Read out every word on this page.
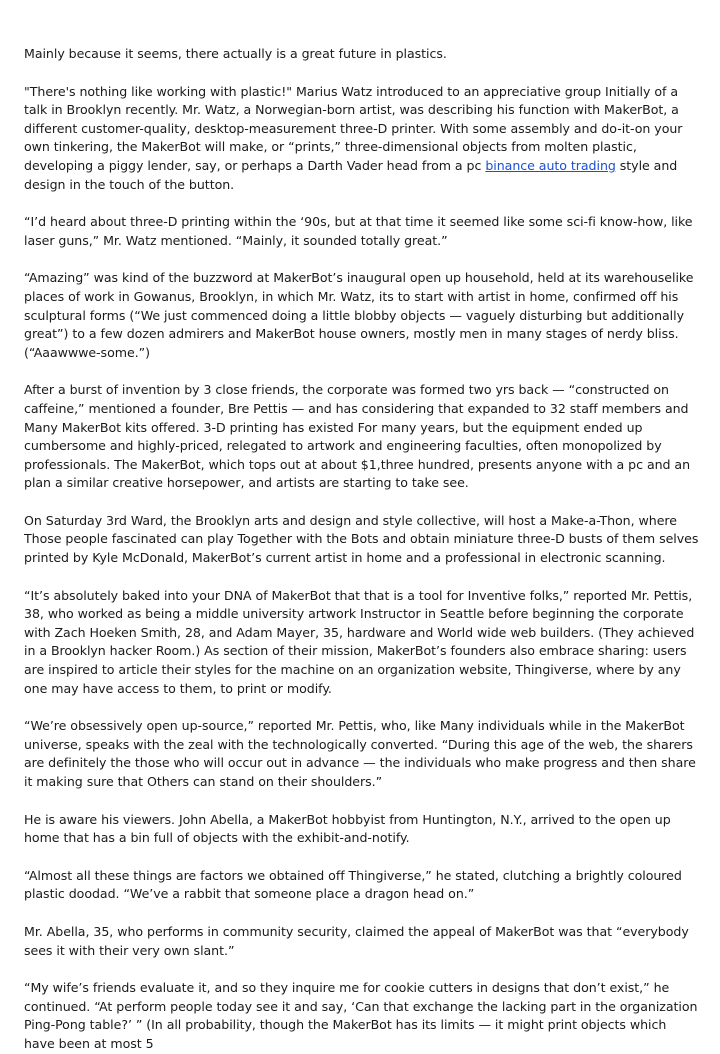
Mainly because it seems, there actually is a great future in plastics.

"There's nothing like working with plastic!" Marius Watz introduced to an appreciative group Initially of a talk in Brooklyn recently. Mr. Watz, a Norwegian-born artist, was describing his function with MakerBot, a different customer-quality, desktop-measurement three-D printer. With some assembly and do-it-on your own tinkering, the MakerBot will make, or “prints,” three-dimensional objects from molten plastic, developing a piggy lender, say, or perhaps a Darth Vader head from a pc binance auto trading style and design in the touch of the button.

“I’d heard about three-D printing within the ‘90s, but at that time it seemed like some sci-fi know-how, like laser guns,” Mr. Watz mentioned. “Mainly, it sounded totally great.”

“Amazing” was kind of the buzzword at MakerBot’s inaugural open up household, held at its warehouselike places of work in Gowanus, Brooklyn, in which Mr. Watz, its to start with artist in home, confirmed off his sculptural forms (“We just commenced doing a little blobby objects — vaguely disturbing but additionally great”) to a few dozen admirers and MakerBot house owners, mostly men in many stages of nerdy bliss. (“Aaawwwe-some.”)

After a burst of invention by 3 close friends, the corporate was formed two yrs back — “constructed on caffeine,” mentioned a founder, Bre Pettis — and has considering that expanded to 32 staff members and Many MakerBot kits offered. 3-D printing has existed For many years, but the equipment ended up cumbersome and highly-priced, relegated to artwork and engineering faculties, often monopolized by professionals. The MakerBot, which tops out at about $1,three hundred, presents anyone with a pc and an plan a similar creative horsepower, and artists are starting to take see.

On Saturday 3rd Ward, the Brooklyn arts and design and style collective, will host a Make-a-Thon, where Those people fascinated can play Together with the Bots and obtain miniature three-D busts of them selves printed by Kyle McDonald, MakerBot’s current artist in home and a professional in electronic scanning.

“It’s absolutely baked into your DNA of MakerBot that that is a tool for Inventive folks,” reported Mr. Pettis, 38, who worked as being a middle university artwork Instructor in Seattle before beginning the corporate with Zach Hoeken Smith, 28, and Adam Mayer, 35, hardware and World wide web builders. (They achieved in a Brooklyn hacker Room.) As section of their mission, MakerBot’s founders also embrace sharing: users are inspired to article their styles for the machine on an organization website, Thingiverse, where by any one may have access to them, to print or modify.

“We’re obsessively open up-source,” reported Mr. Pettis, who, like Many individuals while in the MakerBot universe, speaks with the zeal with the technologically converted. “During this age of the web, the sharers are definitely the those who will occur out in advance — the individuals who make progress and then share it making sure that Others can stand on their shoulders.”

He is aware his viewers. John Abella, a MakerBot hobbyist from Huntington, N.Y., arrived to the open up home that has a bin full of objects with the exhibit-and-notify.

“Almost all these things are factors we obtained off Thingiverse,” he stated, clutching a brightly coloured plastic doodad. “We’ve a rabbit that someone place a dragon head on.”

Mr. Abella, 35, who performs in community security, claimed the appeal of MakerBot was that “everybody sees it with their very own slant.”

“My wife’s friends evaluate it, and so they inquire me for cookie cutters in designs that don’t exist,” he continued. “At perform people today see it and say, ‘Can that exchange the lacking part in the organization Ping-Pong table?’ ” (In all probability, though the MakerBot has its limits — it might print objects which have been at most 5
